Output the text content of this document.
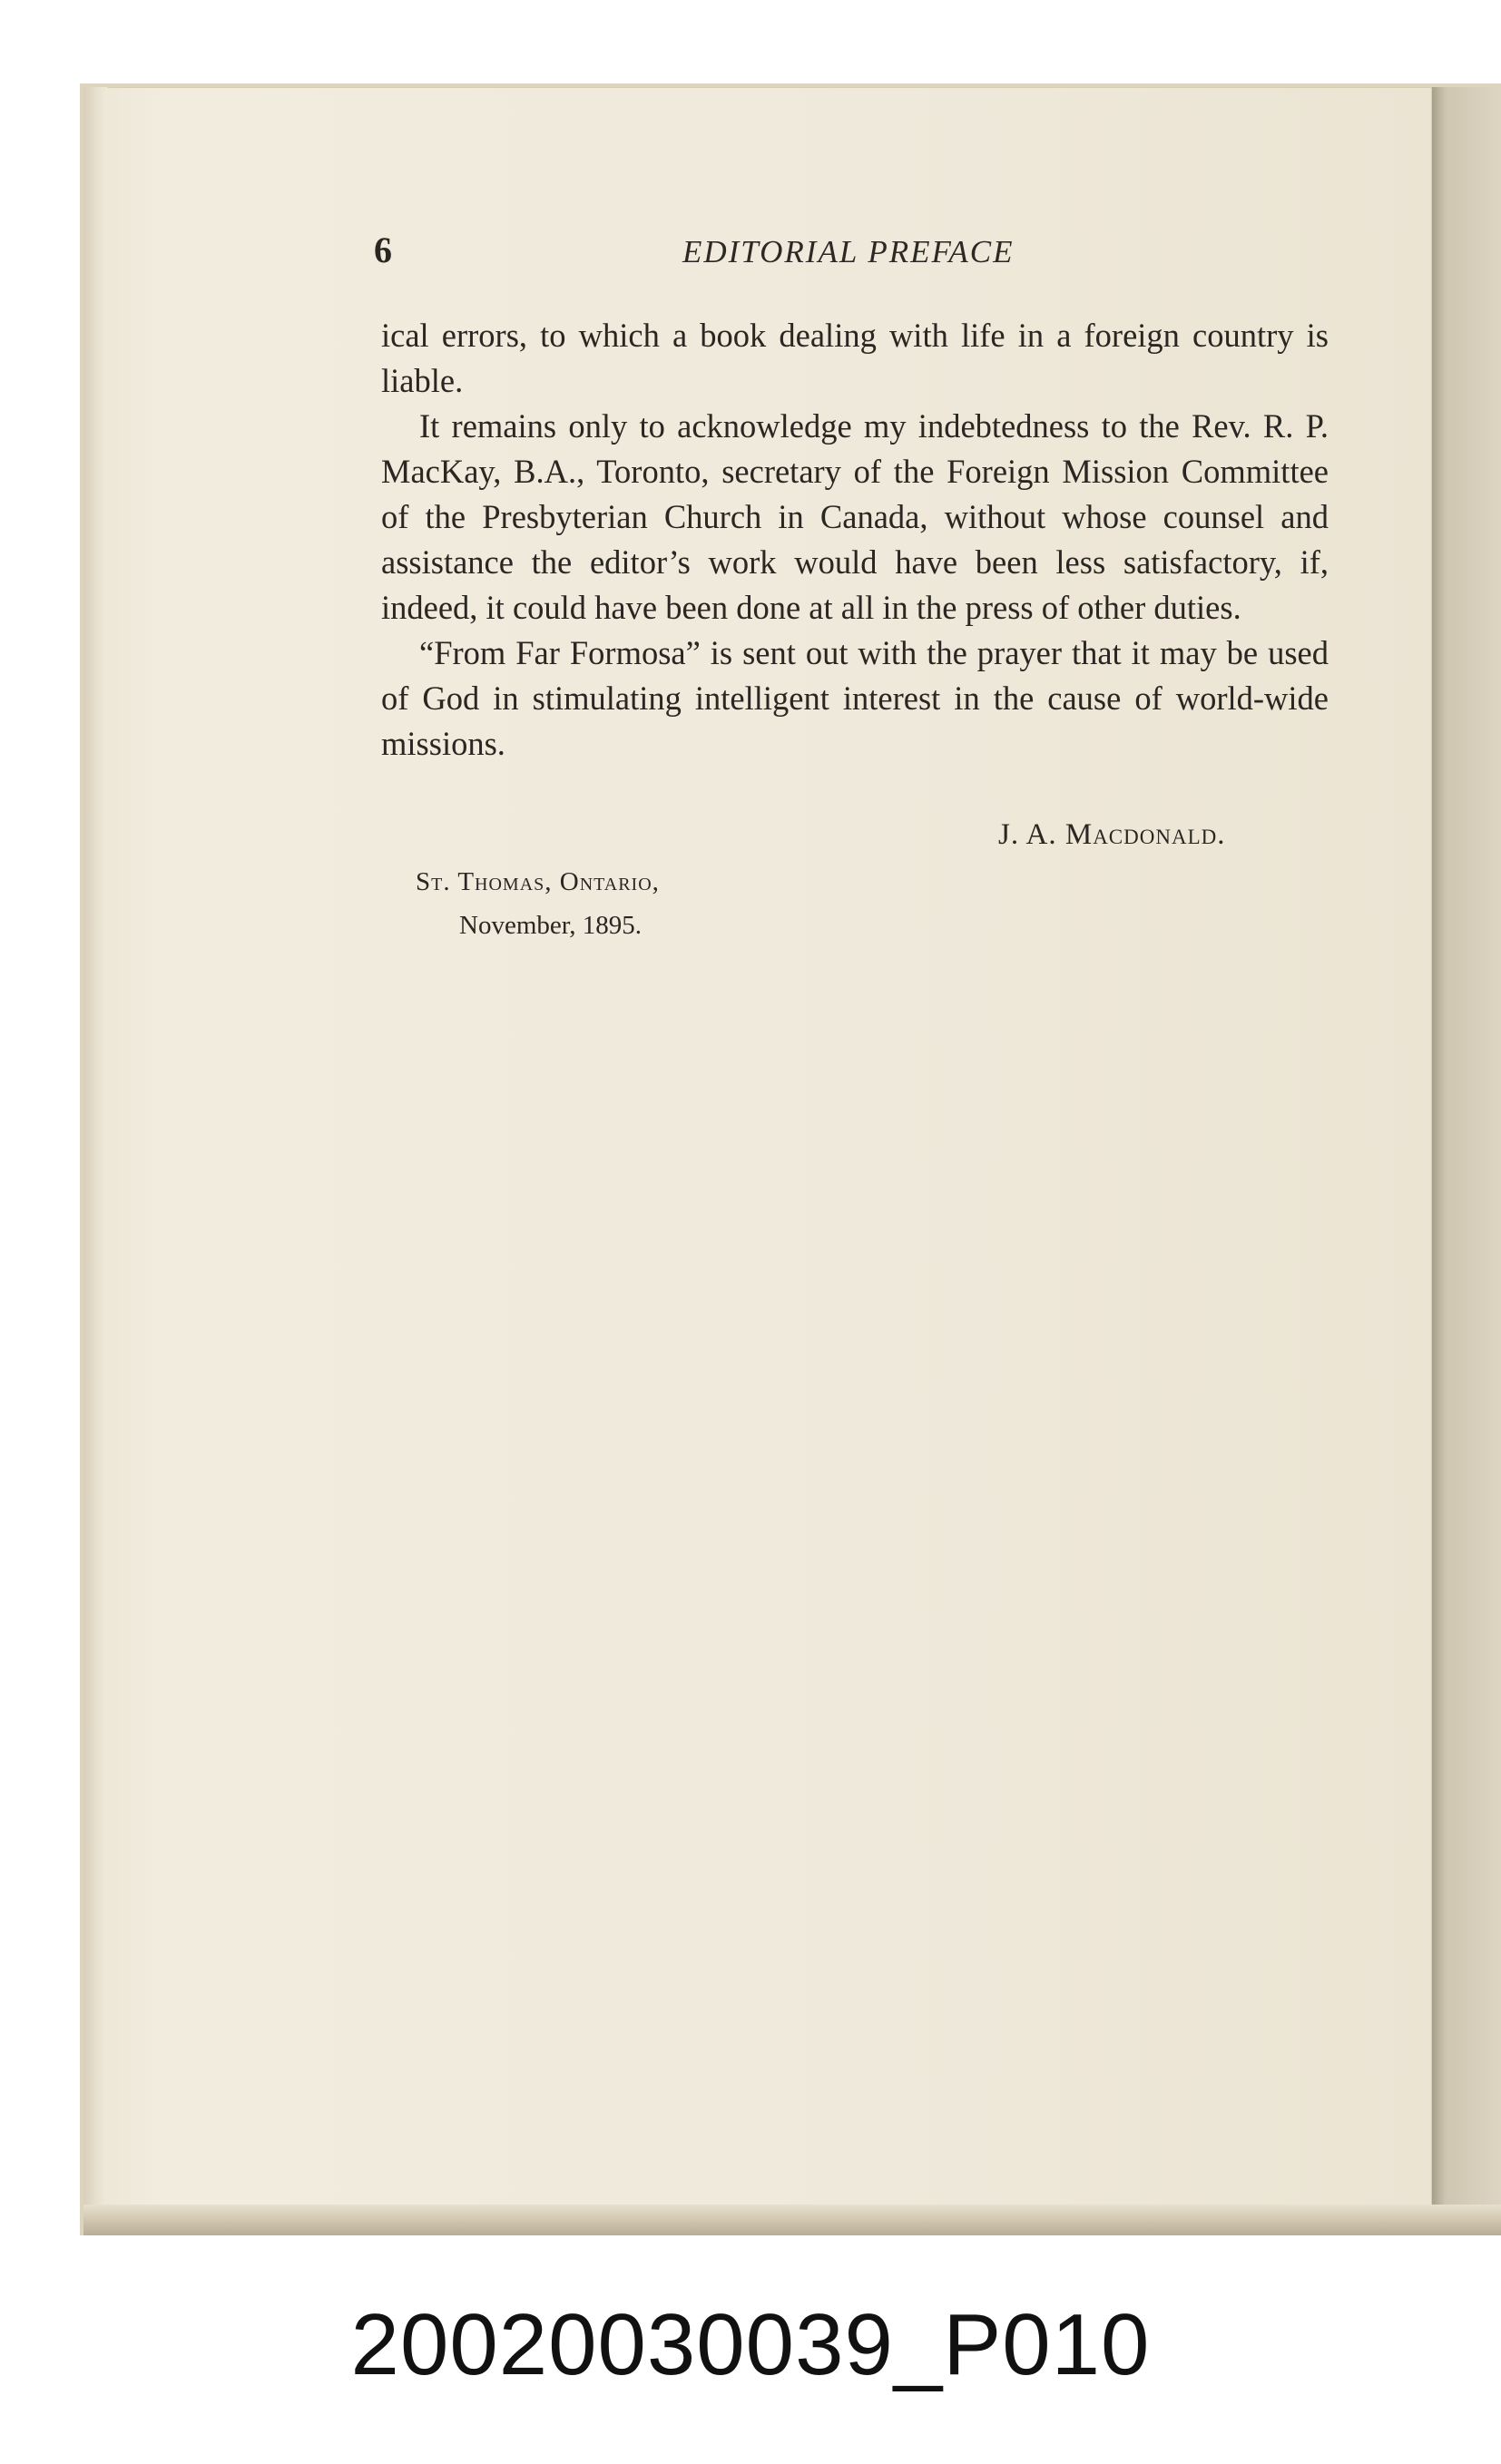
6	EDITORIAL PREFACE

ical errors, to which a book dealing with life in a foreign country is liable.

It remains only to acknowledge my indebtedness to the Rev. R. P. MacKay, B.A., Toronto, secretary of the Foreign Mission Committee of the Presbyterian Church in Canada, without whose counsel and assistance the editor’s work would have been less satisfactory, if, indeed, it could have been done at all in the press of other duties.

“From Far Formosa” is sent out with the prayer that it may be used of God in stimulating intelligent interest in the cause of world-wide missions.

J. A. Macdonald.
St. Thomas, Ontario,
November, 1895.
20020030039_P010
